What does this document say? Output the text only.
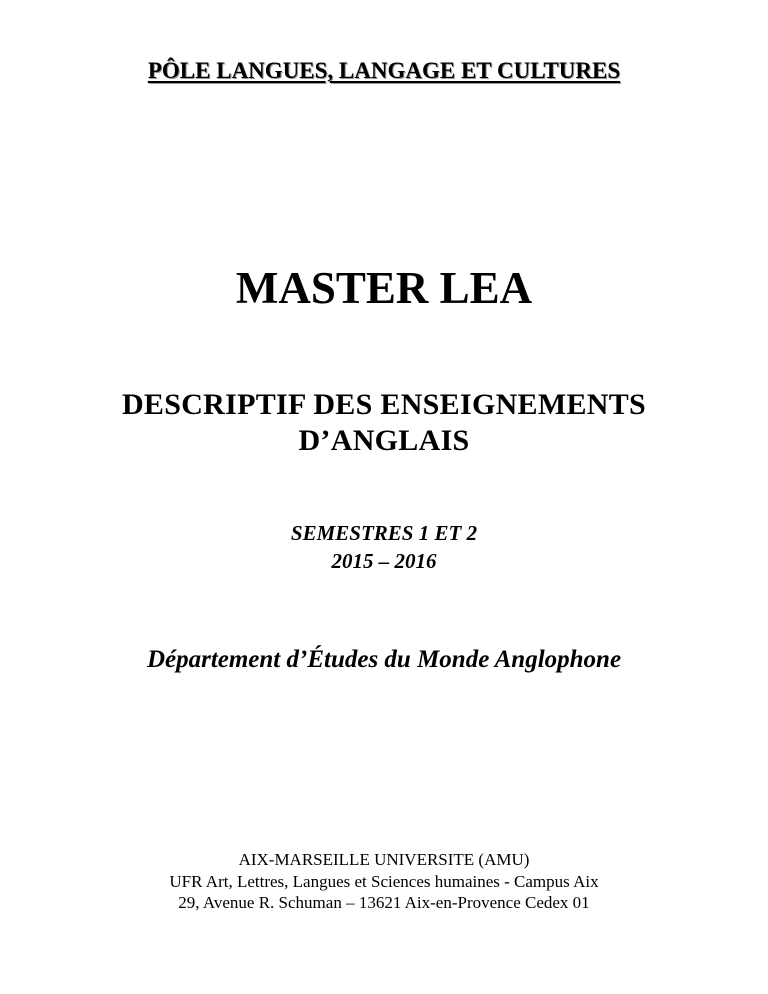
PÔLE LANGUES, LANGAGE ET CULTURES
MASTER LEA
DESCRIPTIF DES ENSEIGNEMENTS
D’ANGLAIS
SEMESTRES 1 ET 2
2015 – 2016
Département d’Études du Monde Anglophone
AIX-MARSEILLE UNIVERSITE (AMU)
UFR Art, Lettres, Langues et Sciences humaines - Campus Aix
29, Avenue R. Schuman – 13621 Aix-en-Provence Cedex 01
